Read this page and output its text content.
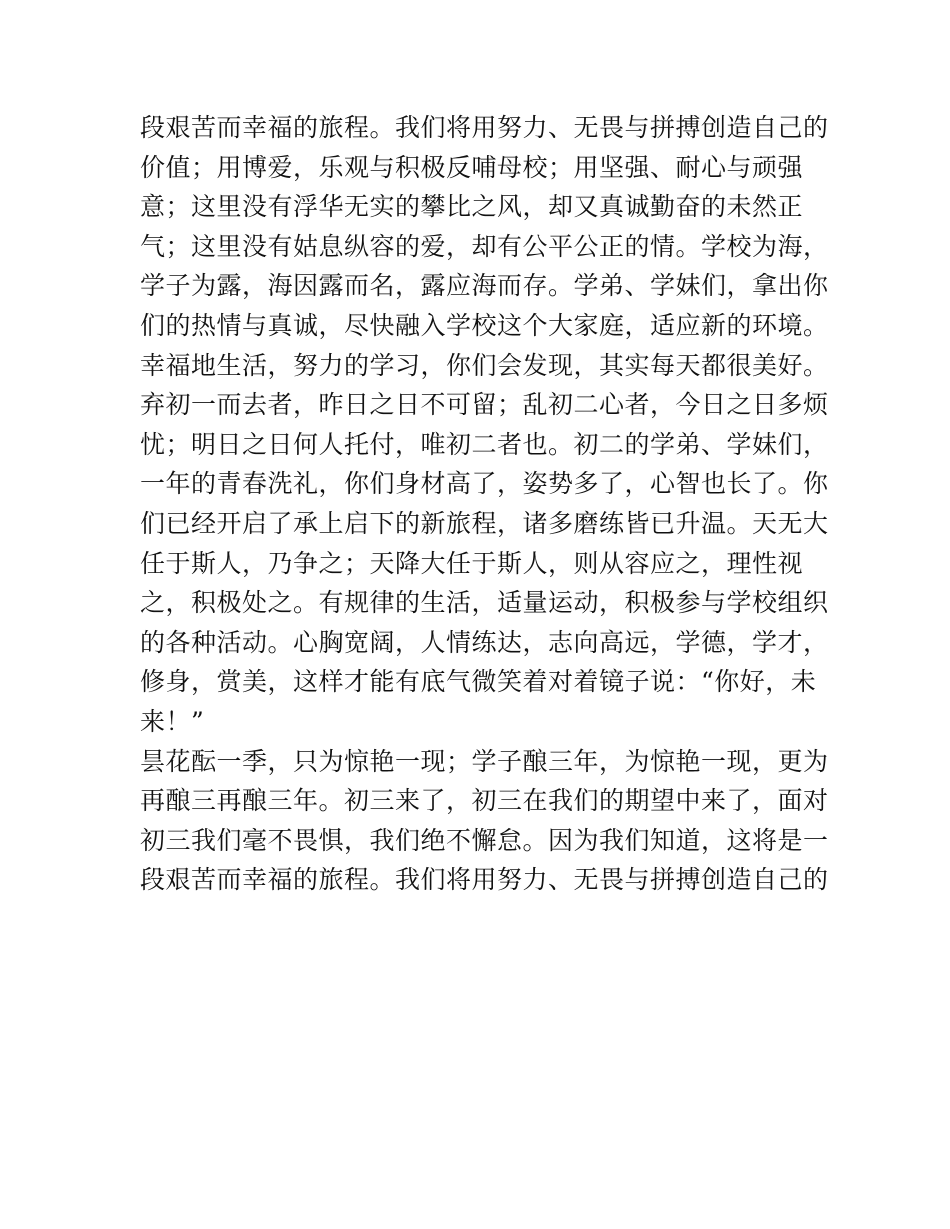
段艰苦而幸福的旅程。我们将用努力、无畏与拼搏创造自己的
价值；用博爱，乐观与积极反哺母校；用坚强、耐心与顽强
意；这里没有浮华无实的攀比之风，却又真诚勤奋的未然正
气；这里没有姑息纵容的爱，却有公平公正的情。学校为海，
学子为露，海因露而名，露应海而存。学弟、学妹们，拿出你
们的热情与真诚，尽快融入学校这个大家庭，适应新的环境。
幸福地生活，努力的学习，你们会发现，其实每天都很美好。
弃初一而去者，昨日之日不可留；乱初二心者，今日之日多烦
忧；明日之日何人托付，唯初二者也。初二的学弟、学妹们，
一年的青春洗礼，你们身材高了，姿势多了，心智也长了。你
们已经开启了承上启下的新旅程，诸多磨练皆已升温。天无大
任于斯人，乃争之；天降大任于斯人，则从容应之，理性视
之，积极处之。有规律的生活，适量运动，积极参与学校组织
的各种活动。心胸宽阔，人情练达，志向高远，学德，学才，
修身，赏美，这样才能有底气微笑着对着镜子说：“你好，未
来！”
昙花酝一季，只为惊艳一现；学子酿三年，为惊艳一现，更为
再酿三再酿三年。初三来了，初三在我们的期望中来了，面对
初三我们毫不畏惧，我们绝不懈怠。因为我们知道，这将是一
段艰苦而幸福的旅程。我们将用努力、无畏与拼搏创造自己的
